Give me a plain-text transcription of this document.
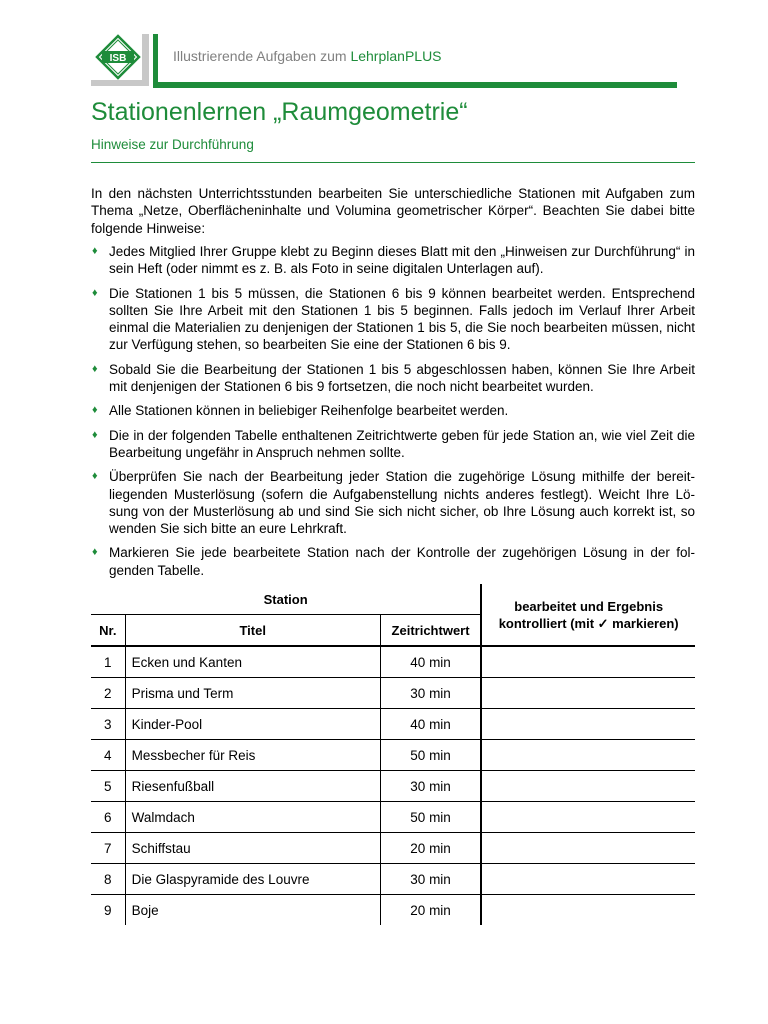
ISB	Illustrierende Aufgaben zum LehrplanPLUS
Stationenlernen „Raumgeometrie“
Hinweise zur Durchführung
In den nächsten Unterrichtsstunden bearbeiten Sie unterschiedliche Stationen mit Aufgaben zum Thema „Netze, Oberflächeninhalte und Volumina geometrischer Körper“. Beachten Sie dabei bitte folgende Hinweise:
♦ Jedes Mitglied Ihrer Gruppe klebt zu Beginn dieses Blatt mit den „Hinweisen zur Durchführung“ in sein Heft (oder nimmt es z. B. als Foto in seine digitalen Unterlagen auf).
♦ Die Stationen 1 bis 5 müssen, die Stationen 6 bis 9 können bearbeitet werden. Entsprechend sollten Sie Ihre Arbeit mit den Stationen 1 bis 5 beginnen. Falls jedoch im Verlauf Ihrer Arbeit einmal die Materialien zu denjenigen der Stationen 1 bis 5, die Sie noch bearbeiten müssen, nicht zur Verfügung stehen, so bearbeiten Sie eine der Stationen 6 bis 9.
♦ Sobald Sie die Bearbeitung der Stationen 1 bis 5 abgeschlossen haben, können Sie Ihre Arbeit mit denjenigen der Stationen 6 bis 9 fortsetzen, die noch nicht bearbeitet wurden.
♦ Alle Stationen können in beliebiger Reihenfolge bearbeitet werden.
♦ Die in der folgenden Tabelle enthaltenen Zeitrichtwerte geben für jede Station an, wie viel Zeit die Bearbeitung ungefähr in Anspruch nehmen sollte.
♦ Überprüfen Sie nach der Bearbeitung jeder Station die zugehörige Lösung mithilfe der bereit-liegenden Musterlösung (sofern die Aufgabenstellung nichts anderes festlegt). Weicht Ihre Lö-sung von der Musterlösung ab und sind Sie sich nicht sicher, ob Ihre Lösung auch korrekt ist, so wenden Sie sich bitte an eure Lehrkraft.
♦ Markieren Sie jede bearbeitete Station nach der Kontrolle der zugehörigen Lösung in der fol-genden Tabelle.
Station			bearbeitet und Ergebnis kontrolliert (mit ✓ markieren)
Nr.	Titel	Zeitrichtwert	
1	Ecken und Kanten	40 min	
2	Prisma und Term	30 min	
3	Kinder-Pool	40 min	
4	Messbecher für Reis	50 min	
5	Riesenfußball	30 min	
6	Walmdach	50 min	
7	Schiffstau	20 min	
8	Die Glaspyramide des Louvre	30 min	
9	Boje	20 min	
